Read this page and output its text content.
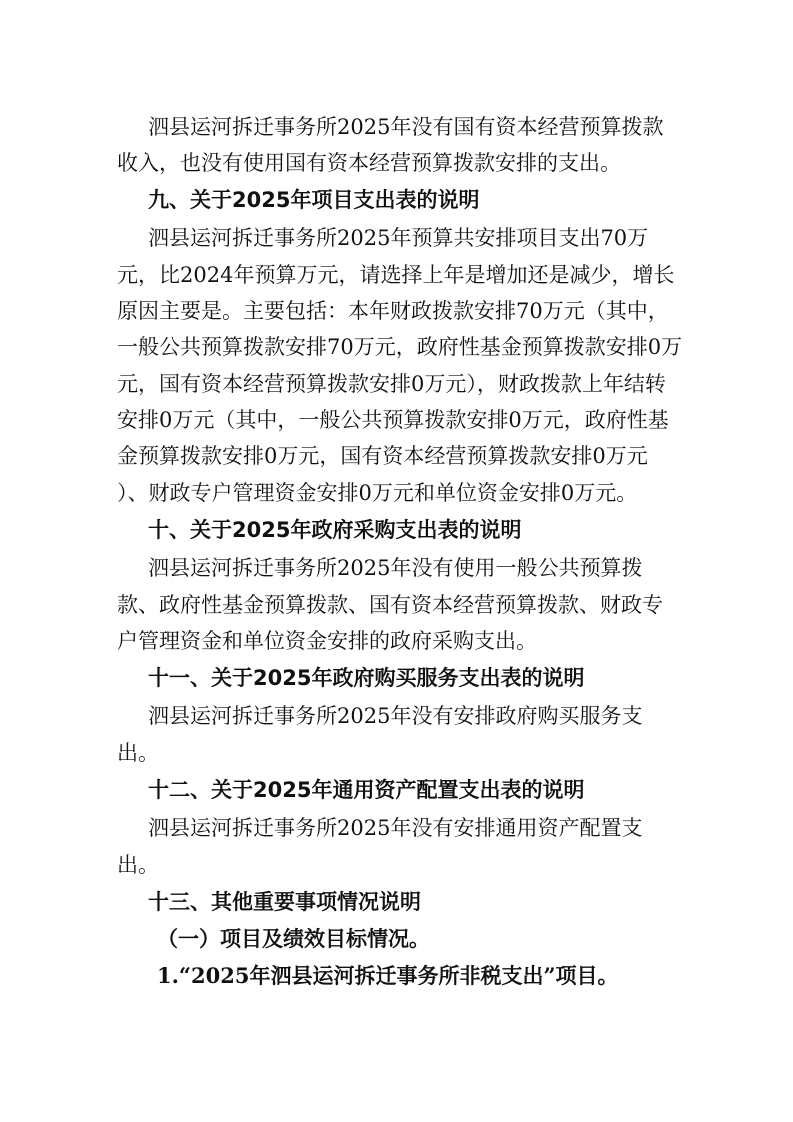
泗县运河拆迁事务所2025年没有国有资本经营预算拨款
收入，也没有使用国有资本经营预算拨款安排的支出。
九、关于2025年项目支出表的说明
泗县运河拆迁事务所2025年预算共安排项目支出70万
元，比2024年预算万元，请选择上年是增加还是减少，增长
原因主要是。主要包括：本年财政拨款安排70万元（其中，
一般公共预算拨款安排70万元，政府性基金预算拨款安排0万
元，国有资本经营预算拨款安排0万元），财政拨款上年结转
安排0万元（其中，一般公共预算拨款安排0万元，政府性基
金预算拨款安排0万元，国有资本经营预算拨款安排0万元
）、财政专户管理资金安排0万元和单位资金安排0万元。
十、关于2025年政府采购支出表的说明
泗县运河拆迁事务所2025年没有使用一般公共预算拨
款、政府性基金预算拨款、国有资本经营预算拨款、财政专
户管理资金和单位资金安排的政府采购支出。
十一、关于2025年政府购买服务支出表的说明
泗县运河拆迁事务所2025年没有安排政府购买服务支
出。
十二、关于2025年通用资产配置支出表的说明
泗县运河拆迁事务所2025年没有安排通用资产配置支
出。
十三、其他重要事项情况说明
（一）项目及绩效目标情况。
1.“2025年泗县运河拆迁事务所非税支出”项目。
